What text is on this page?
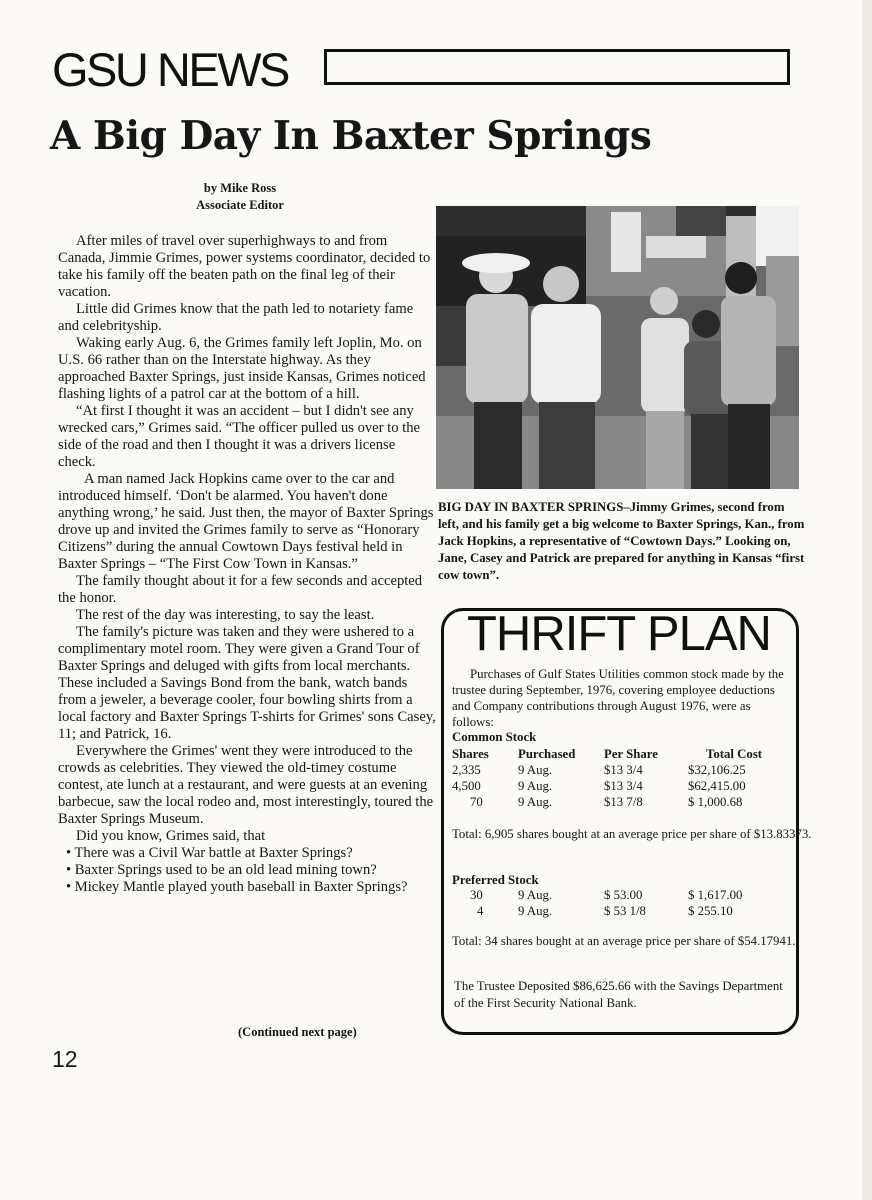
GSU NEWS
A Big Day In Baxter Springs
by Mike Ross
Associate Editor

After miles of travel over superhighways to and from Canada, Jimmie Grimes, power systems coordinator, decided to take his family off the beaten path on the final leg of their vacation.

Little did Grimes know that the path led to notariety fame and celebrityship.

Waking early Aug. 6, the Grimes family left Joplin, Mo. on U.S. 66 rather than on the Interstate highway. As they approached Baxter Springs, just inside Kansas, Grimes noticed flashing lights of a patrol car at the bottom of a hill.

“At first I thought it was an accident – but I didn't see any wrecked cars,” Grimes said. “The officer pulled us over to the side of the road and then I thought it was a drivers license check.

A man named Jack Hopkins came over to the car and introduced himself. ‘Don't be alarmed. You haven't done anything wrong,’ he said. Just then, the mayor of Baxter Springs drove up and invited the Grimes family to serve as “Honorary Citizens” during the annual Cowtown Days festival held in Baxter Springs – “The First Cow Town in Kansas.”

The family thought about it for a few seconds and accepted the honor.

The rest of the day was interesting, to say the least.

The family's picture was taken and they were ushered to a complimentary motel room. They were given a Grand Tour of Baxter Springs and deluged with gifts from local merchants. These included a Savings Bond from the bank, watch bands from a jeweler, a beverage cooler, four bowling shirts from a local factory and Baxter Springs T-shirts for Grimes' sons Casey, 11; and Patrick, 16.

Everywhere the Grimes' went they were introduced to the crowds as celebrities. They viewed the old-timey costume contest, ate lunch at a restaurant, and were guests at an evening barbecue, saw the local rodeo and, most interestingly, toured the Baxter Springs Museum.

Did you know, Grimes said, that

• There was a Civil War battle at Baxter Springs?

• Baxter Springs used to be an old lead mining town?

• Mickey Mantle played youth baseball in Baxter Springs?

(Continued next page)
12
BIG DAY IN BAXTER SPRINGS–Jimmy Grimes, second from left, and his family get a big welcome to Baxter Springs, Kan., from Jack Hopkins, a representative of “Cowtown Days.” Looking on, Jane, Casey and Patrick are prepared for anything in Kansas “first cow town”.
THRIFT PLAN

Purchases of Gulf States Utilities common stock made by the trustee during September, 1976, covering employee deductions and Company contributions through August 1976, were as follows:

Common Stock
Shares Purchased Per Share	Total Cost
2,335	9 Aug.	$13 3/4	$32,106.25
4,500	9 Aug.	$13 3/4	$62,415.00
70	9 Aug.	$13 7/8	$ 1,000.68

Total: 6,905 shares bought at an average price per share of $13.83373.

Preferred Stock
30	9 Aug.	$ 53.00	$ 1,617.00
4	9 Aug.	$ 53 1/8	$ 255.10

Total: 34 shares bought at an average price per share of $54.17941.

The Trustee Deposited $86,625.66 with the Savings Department of the First Security National Bank.
